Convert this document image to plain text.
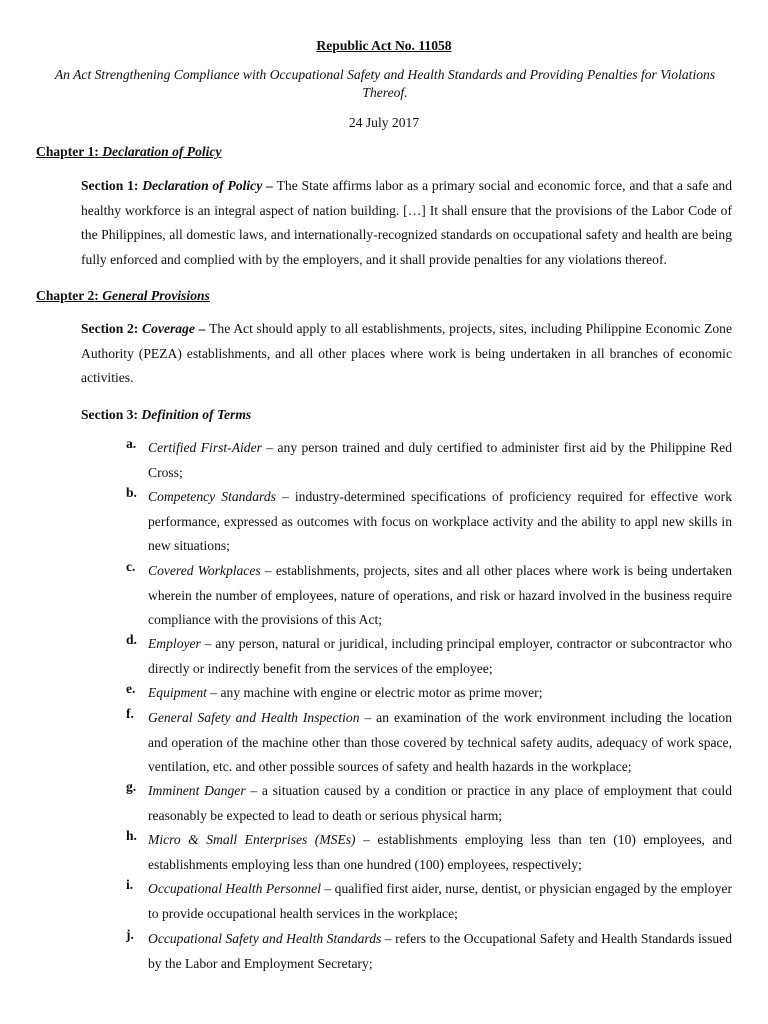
Republic Act No. 11058
An Act Strengthening Compliance with Occupational Safety and Health Standards and Providing Penalties for Violations Thereof.
24 July 2017
Chapter 1: Declaration of Policy
Section 1: Declaration of Policy – The State affirms labor as a primary social and economic force, and that a safe and healthy workforce is an integral aspect of nation building. […] It shall ensure that the provisions of the Labor Code of the Philippines, all domestic laws, and internationally-recognized standards on occupational safety and health are being fully enforced and complied with by the employers, and it shall provide penalties for any violations thereof.
Chapter 2: General Provisions
Section 2: Coverage – The Act should apply to all establishments, projects, sites, including Philippine Economic Zone Authority (PEZA) establishments, and all other places where work is being undertaken in all branches of economic activities.
Section 3: Definition of Terms
a. Certified First-Aider – any person trained and duly certified to administer first aid by the Philippine Red Cross;
b. Competency Standards – industry-determined specifications of proficiency required for effective work performance, expressed as outcomes with focus on workplace activity and the ability to appl new skills in new situations;
c. Covered Workplaces – establishments, projects, sites and all other places where work is being undertaken wherein the number of employees, nature of operations, and risk or hazard involved in the business require compliance with the provisions of this Act;
d. Employer – any person, natural or juridical, including principal employer, contractor or subcontractor who directly or indirectly benefit from the services of the employee;
e. Equipment – any machine with engine or electric motor as prime mover;
f.	General Safety and Health Inspection – an examination of the work environment including the location and operation of the machine other than those covered by technical safety audits, adequacy of work space, ventilation, etc. and other possible sources of safety and health hazards in the workplace;
g. Imminent Danger – a situation caused by a condition or practice in any place of employment that could reasonably be expected to lead to death or serious physical harm;
h. Micro & Small Enterprises (MSEs) – establishments employing less than ten (10) employees, and establishments employing less than one hundred (100) employees, respectively;
i.	Occupational Health Personnel – qualified first aider, nurse, dentist, or physician engaged by the employer to provide occupational health services in the workplace;
j.	Occupational Safety and Health Standards – refers to the Occupational Safety and Health Standards issued by the Labor and Employment Secretary;
